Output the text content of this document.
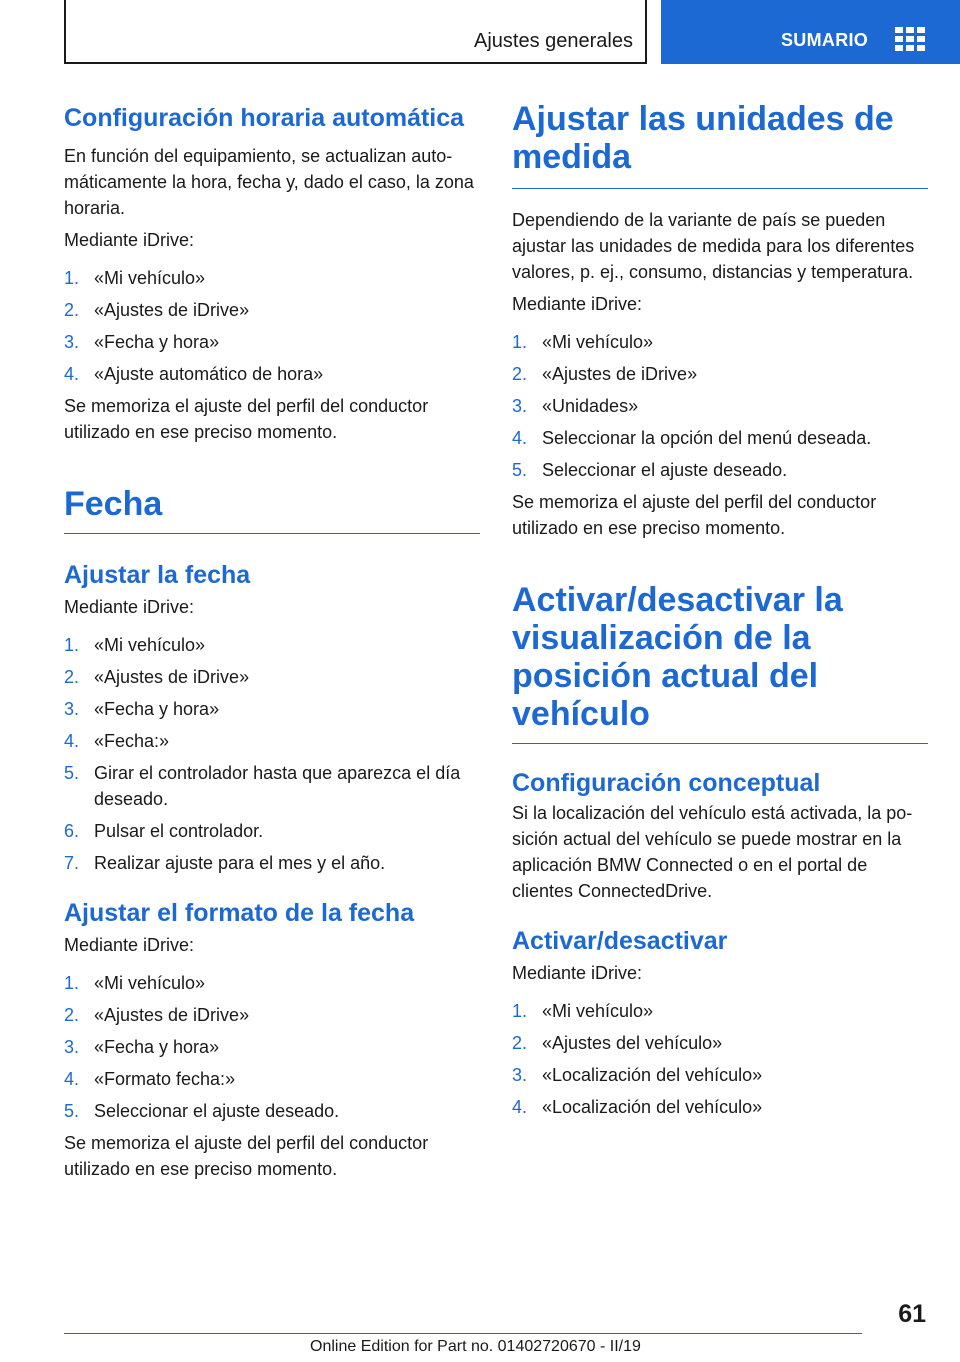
Ajustes generales	SUMARIO
Configuración horaria automática

En función del equipamiento, se actualizan automáticamente la hora, fecha y, dado el caso, la zona horaria.

Mediante iDrive:

1. «Mi vehículo»
2. «Ajustes de iDrive»
3. «Fecha y hora»
4. «Ajuste automático de hora»

Se memoriza el ajuste del perfil del conductor utilizado en ese preciso momento.

Fecha
Ajustar la fecha

Mediante iDrive:

1. «Mi vehículo»
2. «Ajustes de iDrive»
3. «Fecha y hora»
4. «Fecha:»
5. Girar el controlador hasta que aparezca el día deseado.
6. Pulsar el controlador.
7. Realizar ajuste para el mes y el año.
Ajustar el formato de la fecha

Mediante iDrive:

1. «Mi vehículo»
2. «Ajustes de iDrive»
3. «Fecha y hora»
4. «Formato fecha:»
5. Seleccionar el ajuste deseado.

Se memoriza el ajuste del perfil del conductor utilizado en ese preciso momento.

Ajustar las unidades de medida

Dependiendo de la variante de país se pueden ajustar las unidades de medida para los diferentes valores, p. ej., consumo, distancias y temperatura.

Mediante iDrive:

1. «Mi vehículo»
2. «Ajustes de iDrive»
3. «Unidades»
4. Seleccionar la opción del menú deseada.
5. Seleccionar el ajuste deseado.

Se memoriza el ajuste del perfil del conductor utilizado en ese preciso momento.

Activar/desactivar la visualización de la posición actual del vehículo
Configuración conceptual

Si la localización del vehículo está activada, la posición actual del vehículo se puede mostrar en la aplicación BMW Connected o en el portal de clientes ConnectedDrive.

Activar/desactivar

Mediante iDrive:

1. «Mi vehículo»
2. «Ajustes del vehículo»
3. «Localización del vehículo»
4. «Localización del vehículo»
61
Online Edition for Part no. 01402720670 - II/19
